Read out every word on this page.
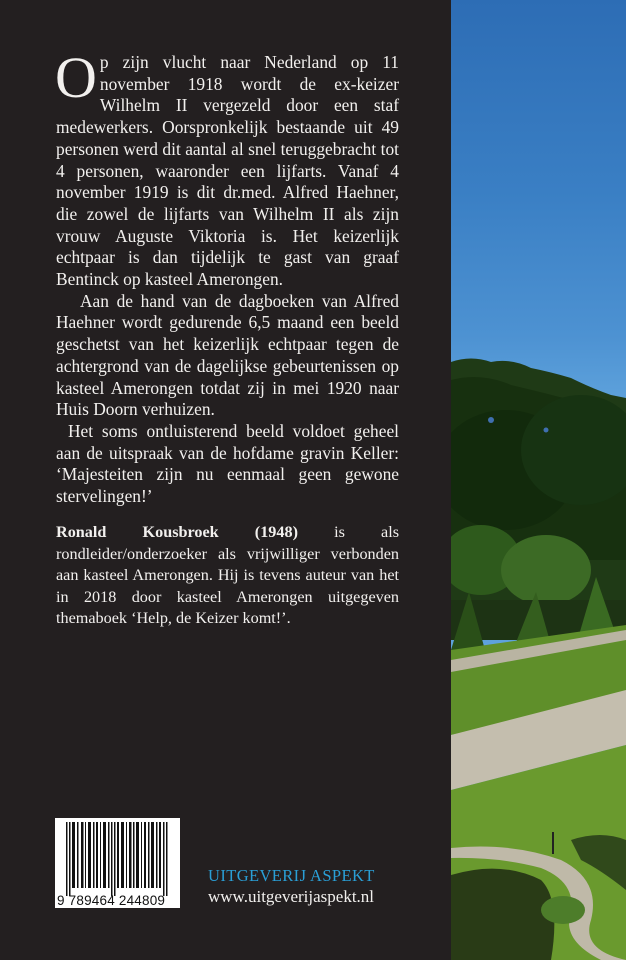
Op zijn vlucht naar Nederland op 11 november 1918 wordt de ex-keizer Wilhelm II vergezeld door een staf medewerkers. Oorspronkelijk bestaande uit 49 personen werd dit aantal al snel teruggebracht tot 4 personen, waaronder een lijfarts. Vanaf 4 november 1919 is dit dr.med. Alfred Haehner, die zowel de lijfarts van Wilhelm II als zijn vrouw Auguste Viktoria is. Het keizerlijk echtpaar is dan tijdelijk te gast van graaf Bentinck op kasteel Amerongen.

Aan de hand van de dagboeken van Alfred Haehner wordt gedurende 6,5 maand een beeld geschetst van het keizerlijk echtpaar tegen de achtergrond van de dagelijkse gebeurtenissen op kasteel Amerongen totdat zij in mei 1920 naar Huis Doorn verhuizen.

Het soms ontluisterend beeld voldoet geheel aan de uitspraak van de hofdame gravin Keller: ‘Majesteiten zijn nu eenmaal geen gewone stervelingen!’

Ronald Kousbroek (1948) is als rondleider/onderzoeker als vrijwilliger verbonden aan kasteel Amerongen. Hij is tevens auteur van het in 2018 door kasteel Amerongen uitgegeven themaboek ‘Help, de Keizer komt!’.
9 789464 244809
UITGEVERIJ ASPEKT
www.uitgeverijaspekt.nl
